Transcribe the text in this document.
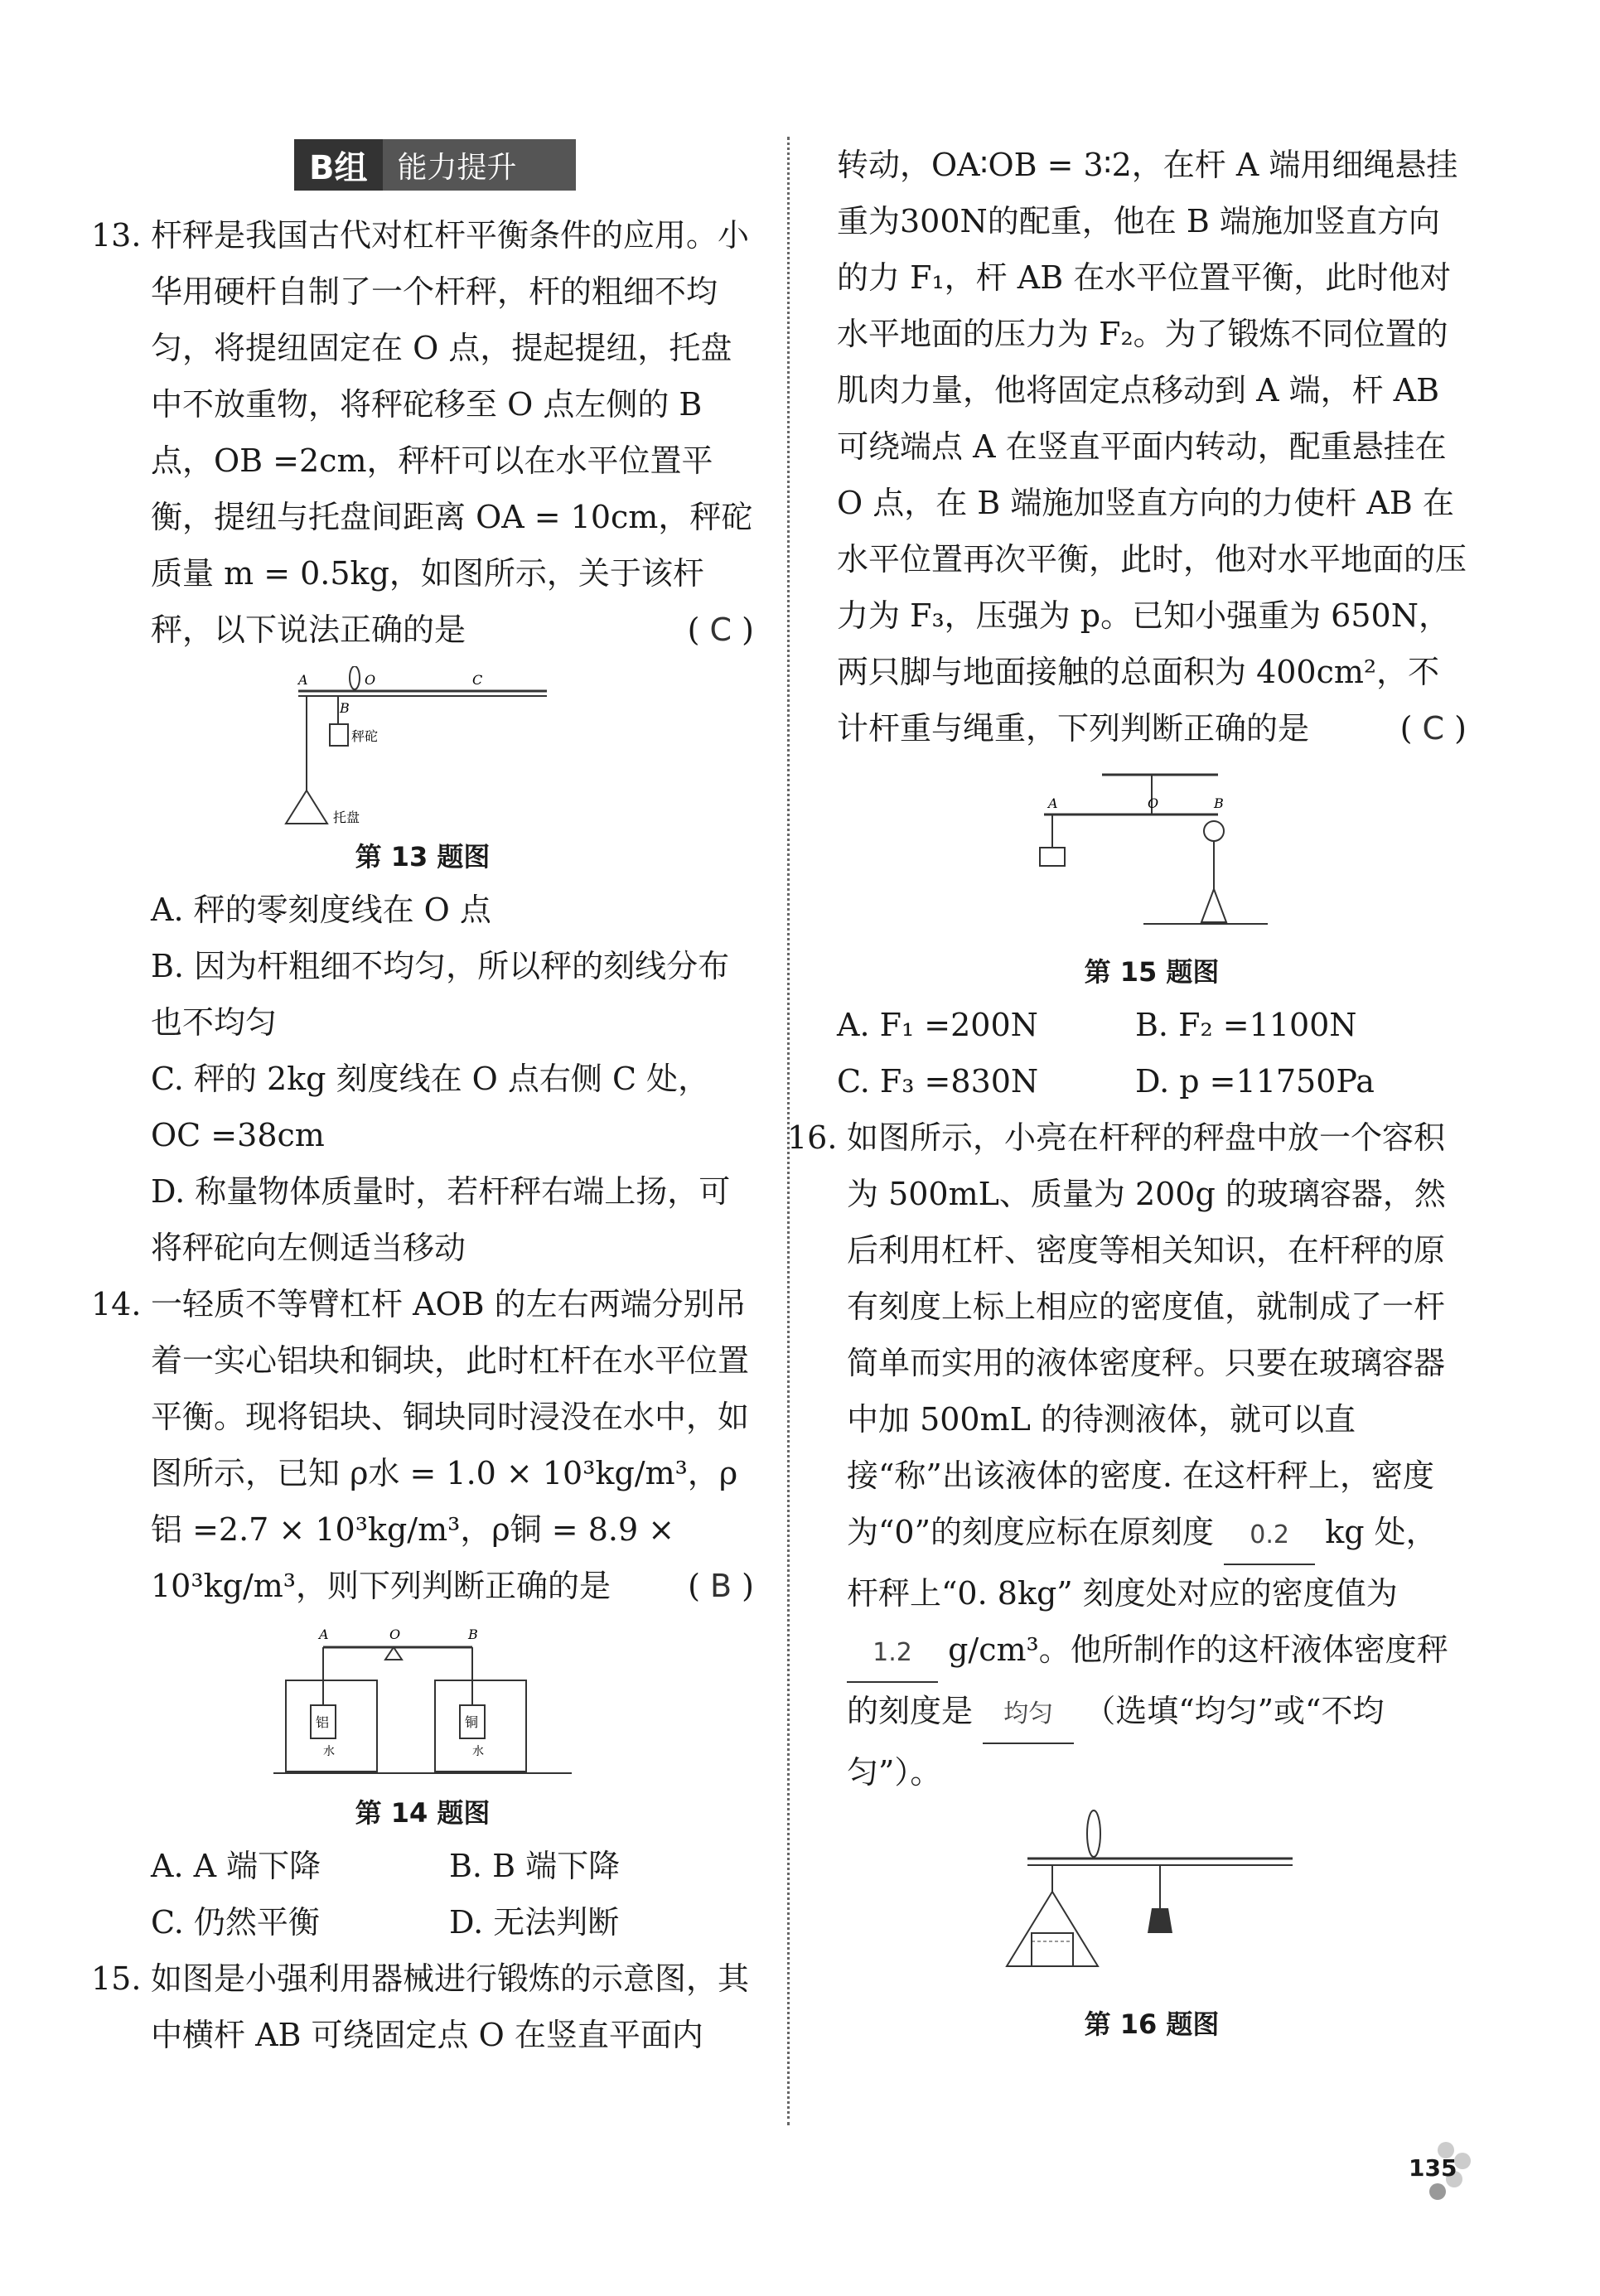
B组	能力提升
13. 杆秤是我国古代对杠杆平衡条件的应用。小华用硬杆自制了一个杆秤，杆的粗细不均匀，将提纽固定在 O 点，提起提纽，托盘中不放重物，将秤砣移至 O 点左侧的 B 点，OB =2cm，秤杆可以在水平位置平衡，提纽与托盘间距离 OA = 10cm，秤砣质量 m = 0.5kg，如图所示，关于该杆秤，以下说法正确的是	( C )
A	O	C
B
秤砣
托盘
第 13 题图
A. 秤的零刻度线在 O 点
B. 因为杆粗细不均匀，所以秤的刻线分布也不均匀
C. 秤的 2kg 刻度线在 O 点右侧 C 处，OC =38cm
D. 称量物体质量时，若杆秤右端上扬，可将秤砣向左侧适当移动
14. 一轻质不等臂杠杆 AOB 的左右两端分别吊着一实心铝块和铜块，此时杠杆在水平位置平衡。现将铝块、铜块同时浸没在水中，如图所示，已知 ρ水 = 1.0 × 10³kg/m³，ρ铝 =2.7 × 10³kg/m³，ρ铜 = 8.9 × 10³kg/m³，则下列判断正确的是 ( B )
A	O	B
铝	铜
水	水
第 14 题图
A. A 端下降	B. B 端下降
C. 仍然平衡	D. 无法判断
15. 如图是小强利用器械进行锻炼的示意图，其中横杆 AB 可绕固定点 O 在竖直平面内
转动，OA∶OB = 3∶2，在杆 A 端用细绳悬挂重为300N的配重，他在 B 端施加竖直方向的力 F₁，杆 AB 在水平位置平衡，此时他对水平地面的压力为 F₂。为了锻炼不同位置的肌肉力量，他将固定点移动到 A 端，杆 AB 可绕端点 A 在竖直平面内转动，配重悬挂在 O 点，在 B 端施加竖直方向的力使杆 AB 在水平位置再次平衡，此时，他对水平地面的压力为 F₃，压强为 p。已知小强重为 650N，两只脚与地面接触的总面积为 400cm²，不计杆重与绳重，下列判断正确的是	( C )
A	O	B
第 15 题图
A. F₁ =200N	B. F₂ =1100N
C. F₃ =830N	D. p =11750Pa
16. 如图所示，小亮在杆秤的秤盘中放一个容积为 500mL、质量为 200g 的玻璃容器，然后利用杠杆、密度等相关知识，在杆秤的原有刻度上标上相应的密度值，就制成了一杆简单而实用的液体密度秤。只要在玻璃容器中加 500mL 的待测液体，就可以直接“称”出该液体的密度. 在这杆秤上，密度为“0”的刻度应标在原刻度 0.2 kg 处，杆秤上“0. 8kg” 刻度处对应的密度值为 1.2 g/cm³。他所制作的这杆液体密度秤的刻度是 均匀 （选填“均匀”或“不均匀”）。
第 16 题图
135
